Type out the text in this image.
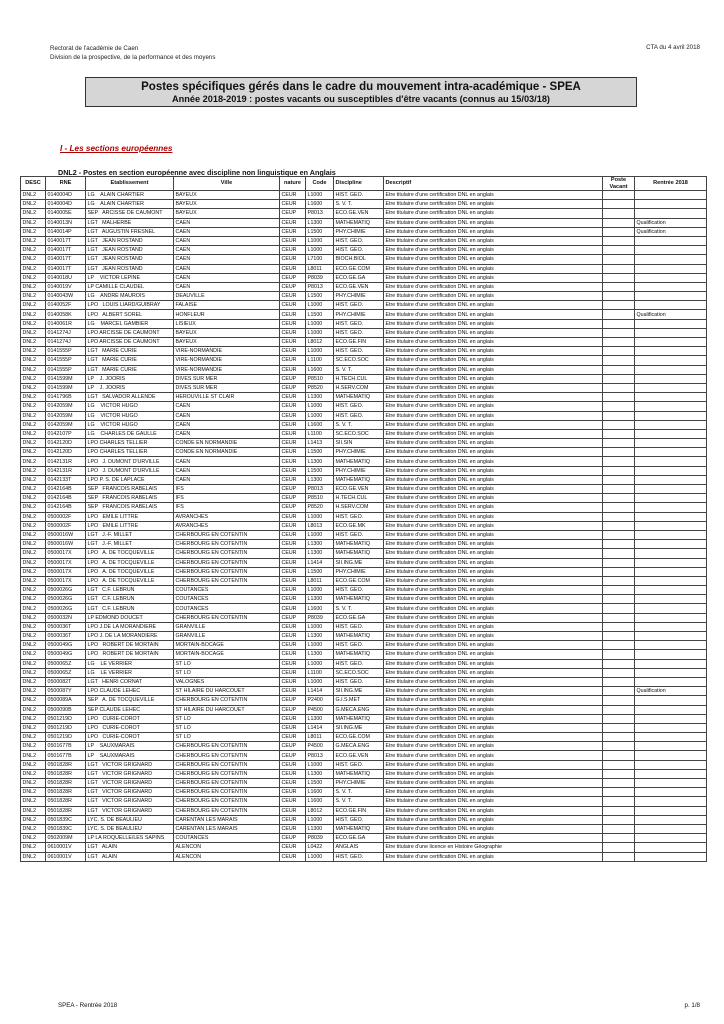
Rectorat de l'académie de Caen
Division de la prospective, de la performance et des moyens
CTA du 4 avril 2018
Postes spécifiques gérés dans le cadre du mouvement intra-académique - SPEA
Année 2018-2019 : postes vacants ou susceptibles d'être vacants (connus au 15/03/18)
I - Les sections européennes
DNL2 - Postes en section européenne avec discipline non linguistique en Anglais
DESC	RNE	Etablissement	Ville	nature	Code	Discipline	Descriptif	Poste Vacant	Rentrée 2018
DNL2	0140004D	LG    ALAIN CHARTIER	BAYEUX	CEUR	L1000	HIST. GEO.	Etre titulaire d'une certification DNL en anglais		
DNL2	0140004D	LG    ALAIN CHARTIER	BAYEUX	CEUR	L1600	S. V. T.	Etre titulaire d'une certification DNL en anglais		
DNL2	0140005E	SEP   ARCISSE DE CAUMONT	BAYEUX	CEUP	P8013	ECO.GE.VEN	Etre titulaire d'une certification DNL en anglais		
DNL2	0140013N	LGT   MALHERBE	CAEN	CEUR	L1300	MATHEMATIQ	Etre titulaire d'une certification DNL en anglais		Qualification
DNL2	0140014P	LGT   AUGUSTIN FRESNEL	CAEN	CEUR	L1500	PHY.CHIMIE	Etre titulaire d'une certification DNL en anglais		Qualification
DNL2	0140017T	LGT   JEAN ROSTAND	CAEN	CEUR	L1000	HIST. GEO.	Etre titulaire d'une certification DNL en anglais		
DNL2	0140017T	LGT   JEAN ROSTAND	CAEN	CEUR	L1000	HIST. GEO.	Etre titulaire d'une certification DNL en anglais		
DNL2	0140017T	LGT   JEAN ROSTAND	CAEN	CEUR	L7100	BIOCH.BIOL	Etre titulaire d'une certification DNL en anglais		
DNL2	0140017T	LGT   JEAN ROSTAND	CAEN	CEUR	L8011	ECO.GE.COM	Etre titulaire d'une certification DNL en anglais		
DNL2	0140018U	LP    VICTOR LEPINE	CAEN	CEUP	P8039	ECO.GE.GA	Etre titulaire d'une certification DNL en anglais		
DNL2	0140019V	LP CAMILLE CLAUDEL	CAEN	CEUP	P8013	ECO.GE.VEN	Etre titulaire d'une certification DNL en anglais		
DNL2	0140043W	LG    ANDRE MAUROIS	DEAUVILLE	CEUR	L1500	PHY.CHIMIE	Etre titulaire d'une certification DNL en anglais		
DNL2	0140052F	LPO   LOUIS LIARD/GUIBRAY	FALAISE	CEUR	L1000	HIST. GEO.	Etre titulaire d'une certification DNL en anglais		
DNL2	0140058K	LPO   ALBERT SOREL	HONFLEUR	CEUR	L1500	PHY.CHIMIE	Etre titulaire d'une certification DNL en anglais		Qualification
DNL2	0140061R	LG    MARCEL GAMBIER	LISIEUX	CEUR	L1000	HIST. GEO.	Etre titulaire d'une certification DNL en anglais		
DNL2	0141274J	LPO ARCISSE DE CAUMONT	BAYEUX	CEUR	L1000	HIST. GEO.	Etre titulaire d'une certification DNL en anglais		
DNL2	0141274J	LPO ARCISSE DE CAUMONT	BAYEUX	CEUR	L8012	ECO.GE.FIN	Etre titulaire d'une certification DNL en anglais		
DNL2	0141555P	LGT   MARIE CURIE	VIRE-NORMANDIE	CEUR	L1000	HIST. GEO.	Etre titulaire d'une certification DNL en anglais		
DNL2	0141555P	LGT   MARIE CURIE	VIRE-NORMANDIE	CEUR	L1100	SC.ECO.SOC	Etre titulaire d'une certification DNL en anglais		
DNL2	0141555P	LGT   MARIE CURIE	VIRE-NORMANDIE	CEUR	L1600	S. V. T.	Etre titulaire d'une certification DNL en anglais		
DNL2	0141599M	LP    J. JOORIS	DIVES SUR MER	CEUP	P8510	H.TECH.CUL	Etre titulaire d'une certification DNL en anglais		
DNL2	0141599M	LP    J. JOORIS	DIVES SUR MER	CEUP	P8520	H.SERV.COM	Etre titulaire d'une certification DNL en anglais		
DNL2	0141796B	LGT   SALVADOR ALLENDE	HEROUVILLE ST CLAIR	CEUR	L1300	MATHEMATIQ	Etre titulaire d'une certification DNL en anglais		
DNL2	0142059M	LG    VICTOR HUGO	CAEN	CEUR	L1000	HIST. GEO.	Etre titulaire d'une certification DNL en anglais		
DNL2	0142059M	LG    VICTOR HUGO	CAEN	CEUR	L1000	HIST. GEO.	Etre titulaire d'une certification DNL en anglais		
DNL2	0142059M	LG    VICTOR HUGO	CAEN	CEUR	L1600	S. V. T.	Etre titulaire d'une certification DNL en anglais		
DNL2	0142107P	LG    CHARLES DE GAULLE	CAEN	CEUR	L1100	SC.ECO.SOC	Etre titulaire d'une certification DNL en anglais		
DNL2	0142120D	LPO CHARLES TELLIER	CONDE EN NORMANDIE	CEUR	L1413	SII.SIN	Etre titulaire d'une certification DNL en anglais		
DNL2	0142120D	LPO CHARLES TELLIER	CONDE EN NORMANDIE	CEUR	L1500	PHY.CHIMIE	Etre titulaire d'une certification DNL en anglais		
DNL2	0142131R	LPO   J. DUMONT D'URVILLE	CAEN	CEUR	L1300	MATHEMATIQ	Etre titulaire d'une certification DNL en anglais		
DNL2	0142131R	LPO   J. DUMONT D'URVILLE	CAEN	CEUR	L1500	PHY.CHIMIE	Etre titulaire d'une certification DNL en anglais		
DNL2	0142133T	LPO P. S. DE LAPLACE	CAEN	CEUR	L1300	MATHEMATIQ	Etre titulaire d'une certification DNL en anglais		
DNL2	0142164B	SEP   FRANCOIS RABELAIS	IFS	CEUP	P8013	ECO.GE.VEN	Etre titulaire d'une certification DNL en anglais		
DNL2	0142164B	SEP   FRANCOIS RABELAIS	IFS	CEUP	P8510	H.TECH.CUL	Etre titulaire d'une certification DNL en anglais		
DNL2	0142164B	SEP   FRANCOIS RABELAIS	IFS	CEUP	P8520	H.SERV.COM	Etre titulaire d'une certification DNL en anglais		
DNL2	0500002F	LPO   EMILE LITTRE	AVRANCHES	CEUR	L1000	HIST. GEO.	Etre titulaire d'une certification DNL en anglais		
DNL2	0500002F	LPO   EMILE LITTRE	AVRANCHES	CEUR	L8013	ECO.GE.MK	Etre titulaire d'une certification DNL en anglais		
DNL2	0500016W	LGT   J.-F. MILLET	CHERBOURG EN COTENTIN	CEUR	L1000	HIST. GEO.	Etre titulaire d'une certification DNL en anglais		
DNL2	0500016W	LGT   J.-F. MILLET	CHERBOURG EN COTENTIN	CEUR	L1300	MATHEMATIQ	Etre titulaire d'une certification DNL en anglais		
DNL2	0500017X	LPO   A. DE TOCQUEVILLE	CHERBOURG EN COTENTIN	CEUR	L1300	MATHEMATIQ	Etre titulaire d'une certification DNL en anglais		
DNL2	0500017X	LPO   A. DE TOCQUEVILLE	CHERBOURG EN COTENTIN	CEUR	L1414	SII.ING.ME	Etre titulaire d'une certification DNL en anglais		
DNL2	0500017X	LPO   A. DE TOCQUEVILLE	CHERBOURG EN COTENTIN	CEUR	L1500	PHY.CHIMIE	Etre titulaire d'une certification DNL en anglais		
DNL2	0500017X	LPO   A. DE TOCQUEVILLE	CHERBOURG EN COTENTIN	CEUR	L8011	ECO.GE.COM	Etre titulaire d'une certification DNL en anglais		
DNL2	0500026G	LGT   C.F. LEBRUN	COUTANCES	CEUR	L1000	HIST. GEO.	Etre titulaire d'une certification DNL en anglais		
DNL2	0500026G	LGT   C.F. LEBRUN	COUTANCES	CEUR	L1300	MATHEMATIQ	Etre titulaire d'une certification DNL en anglais		
DNL2	0500026G	LGT   C.F. LEBRUN	COUTANCES	CEUR	L1600	S. V. T.	Etre titulaire d'une certification DNL en anglais		
DNL2	0500032N	LP EDMOND DOUCET	CHERBOURG EN COTENTIN	CEUP	P8039	ECO.GE.GA	Etre titulaire d'une certification DNL en anglais		
DNL2	0500036T	LPO J.DE LA MORANDIERE	GRANVILLE	CEUR	L1000	HIST. GEO.	Etre titulaire d'une certification DNL en anglais		
DNL2	0500036T	LPO J. DE LA MORANDIERE	GRANVILLE	CEUR	L1300	MATHEMATIQ	Etre titulaire d'une certification DNL en anglais		
DNL2	0500049G	LPO   ROBERT DE MORTAIN	MORTAIN-BOCAGE	CEUR	L1000	HIST. GEO.	Etre titulaire d'une certification DNL en anglais		
DNL2	0500049G	LPO   ROBERT DE MORTAIN	MORTAIN-BOCAGE	CEUR	L1300	MATHEMATIQ	Etre titulaire d'une certification DNL en anglais		
DNL2	0500065Z	LG    LE VERRIER	ST LO	CEUR	L1000	HIST. GEO.	Etre titulaire d'une certification DNL en anglais		
DNL2	0500065Z	LG    LE VERRIER	ST LO	CEUR	L1100	SC.ECO.SOC	Etre titulaire d'une certification DNL en anglais		
DNL2	0500082T	LGT   HENRI CORNAT	VALOGNES	CEUR	L1000	HIST. GEO.	Etre titulaire d'une certification DNL en anglais		
DNL2	0500087Y	LPO CLAUDE LEHEC	ST HILAIRE DU HARCOUET	CEUR	L1414	SII.ING.ME	Etre titulaire d'une certification DNL en anglais		Qualification
DNL2	0500089A	SEP   A. DE TOCQUEVILLE	CHERBOURG EN COTENTIN	CEUP	P2400	G.I.S.MET	Etre titulaire d'une certification DNL en anglais		
DNL2	0500090B	SEP CLAUDE LEHEC	ST HILAIRE DU HARCOUET	CEUP	P4500	G.MECA.ENG	Etre titulaire d'une certification DNL en anglais		
DNL2	0501219D	LPO   CURIE-COROT	ST LO	CEUR	L1300	MATHEMATIQ	Etre titulaire d'une certification DNL en anglais		
DNL2	0501219D	LPO   CURIE-COROT	ST LO	CEUR	L1414	SII.ING.ME	Etre titulaire d'une certification DNL en anglais		
DNL2	0501219D	LPO   CURIE-COROT	ST LO	CEUR	L8011	ECO.GE.COM	Etre titulaire d'une certification DNL en anglais		
DNL2	0501677B	LP    SAUXMARAIS	CHERBOURG EN COTENTIN	CEUP	P4500	G.MECA.ENG	Etre titulaire d'une certification DNL en anglais		
DNL2	0501677B	LP    SAUXMARAIS	CHERBOURG EN COTENTIN	CEUP	P8013	ECO.GE.VEN	Etre titulaire d'une certification DNL en anglais		
DNL2	0501828R	LGT   VICTOR GRIGNARD	CHERBOURG EN COTENTIN	CEUR	L1000	HIST. GEO.	Etre titulaire d'une certification DNL en anglais		
DNL2	0501828R	LGT   VICTOR GRIGNARD	CHERBOURG EN COTENTIN	CEUR	L1300	MATHEMATIQ	Etre titulaire d'une certification DNL en anglais		
DNL2	0501828R	LGT   VICTOR GRIGNARD	CHERBOURG EN COTENTIN	CEUR	L1500	PHY.CHIMIE	Etre titulaire d'une certification DNL en anglais		
DNL2	0501828R	LGT   VICTOR GRIGNARD	CHERBOURG EN COTENTIN	CEUR	L1600	S. V. T.	Etre titulaire d'une certification DNL en anglais		
DNL2	0501828R	LGT   VICTOR GRIGNARD	CHERBOURG EN COTENTIN	CEUR	L1600	S. V. T.	Etre titulaire d'une certification DNL en anglais		
DNL2	0501828R	LGT   VICTOR GRIGNARD	CHERBOURG EN COTENTIN	CEUR	L8012	ECO.GE.FIN	Etre titulaire d'une certification DNL en anglais		
DNL2	0501839C	LYC. S. DE BEAULIEU	CARENTAN LES MARAIS	CEUR	L1000	HIST. GEO.	Etre titulaire d'une certification DNL en anglais		
DNL2	0501839C	LYC. S. DE BEAULIEU	CARENTAN LES MARAIS	CEUR	L1300	MATHEMATIQ	Etre titulaire d'une certification DNL en anglais		
DNL2	0502009M	LP LA ROQUELLE/LES SAPINS	COUTANCES	CEUP	P8039	ECO.GE.GA	Etre titulaire d'une certification DNL en anglais		
DNL2	0610001V	LGT   ALAIN	ALENCON	CEUR	L0422	ANGLAIS	Etre titulaire d'une licence en Histoire Géographie		
DNL2	0610001V	LGT   ALAIN	ALENCON	CEUR	L1000	HIST. GEO.	Etre titulaire d'une certification DNL en anglais		
SPEA - Rentrée 2018	p. 1/8
